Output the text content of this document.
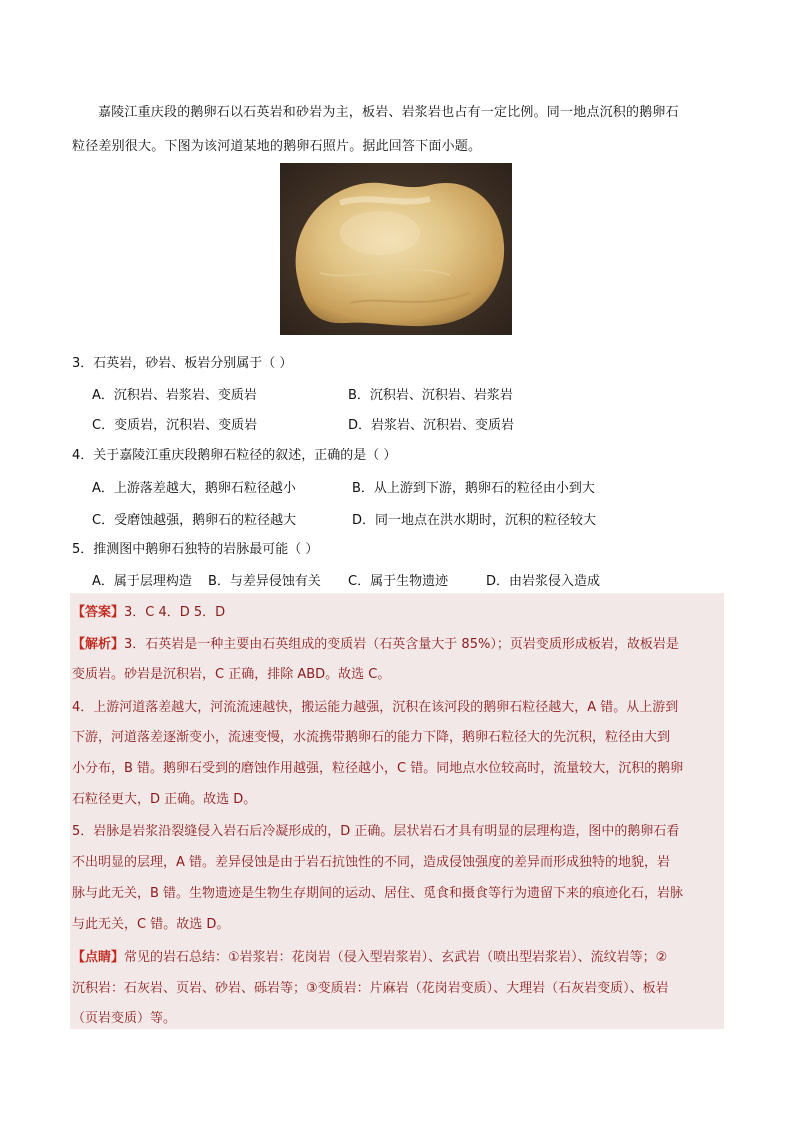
嘉陵江重庆段的鹅卵石以石英岩和砂岩为主，板岩、岩浆岩也占有一定比例。同一地点沉积的鹅卵石

粒径差别很大。下图为该河道某地的鹅卵石照片。据此回答下面小题。
3．石英岩，砂岩、板岩分别属于（ ）
A．沉积岩、岩浆岩、变质岩	B．沉积岩、沉积岩、岩浆岩
C．变质岩，沉积岩、变质岩	D．岩浆岩、沉积岩、变质岩
4．关于嘉陵江重庆段鹅卵石粒径的叙述，正确的是（ ）
A．上游落差越大，鹅卵石粒径越小	B．从上游到下游，鹅卵石的粒径由小到大
C．受磨蚀越强，鹅卵石的粒径越大	D．同一地点在洪水期时，沉积的粒径较大
5．推测图中鹅卵石独特的岩脉最可能（ ）
A．属于层理构造 B．与差异侵蚀有关 C．属于生物遗迹	D．由岩浆侵入造成
【答案】3．C 4．D 5．D
【解析】3．石英岩是一种主要由石英组成的变质岩（石英含量大于 85%）；页岩变质形成板岩，故板岩是
变质岩。砂岩是沉积岩，C 正确，排除 ABD。故选 C。
4．上游河道落差越大，河流流速越快，搬运能力越强，沉积在该河段的鹅卵石粒径越大，A 错。从上游到
下游，河道落差逐渐变小，流速变慢，水流携带鹅卵石的能力下降，鹅卵石粒径大的先沉积，粒径由大到
小分布，B 错。鹅卵石受到的磨蚀作用越强，粒径越小，C 错。同地点水位较高时，流量较大，沉积的鹅卵
石粒径更大，D 正确。故选 D。
5．岩脉是岩浆沿裂缝侵入岩石后冷凝形成的，D 正确。层状岩石才具有明显的层理构造，图中的鹅卵石看
不出明显的层理，A 错。差异侵蚀是由于岩石抗蚀性的不同，造成侵蚀强度的差异而形成独特的地貌，岩
脉与此无关，B 错。生物遗迹是生物生存期间的运动、居住、觅食和摄食等行为遗留下来的痕迹化石，岩脉
与此无关，C 错。故选 D。
【点睛】常见的岩石总结：①岩浆岩：花岗岩（侵入型岩浆岩）、玄武岩（喷出型岩浆岩）、流纹岩等；②
沉积岩：石灰岩、页岩、砂岩、砾岩等；③变质岩：片麻岩（花岗岩变质）、大理岩（石灰岩变质）、板岩
（页岩变质）等。
